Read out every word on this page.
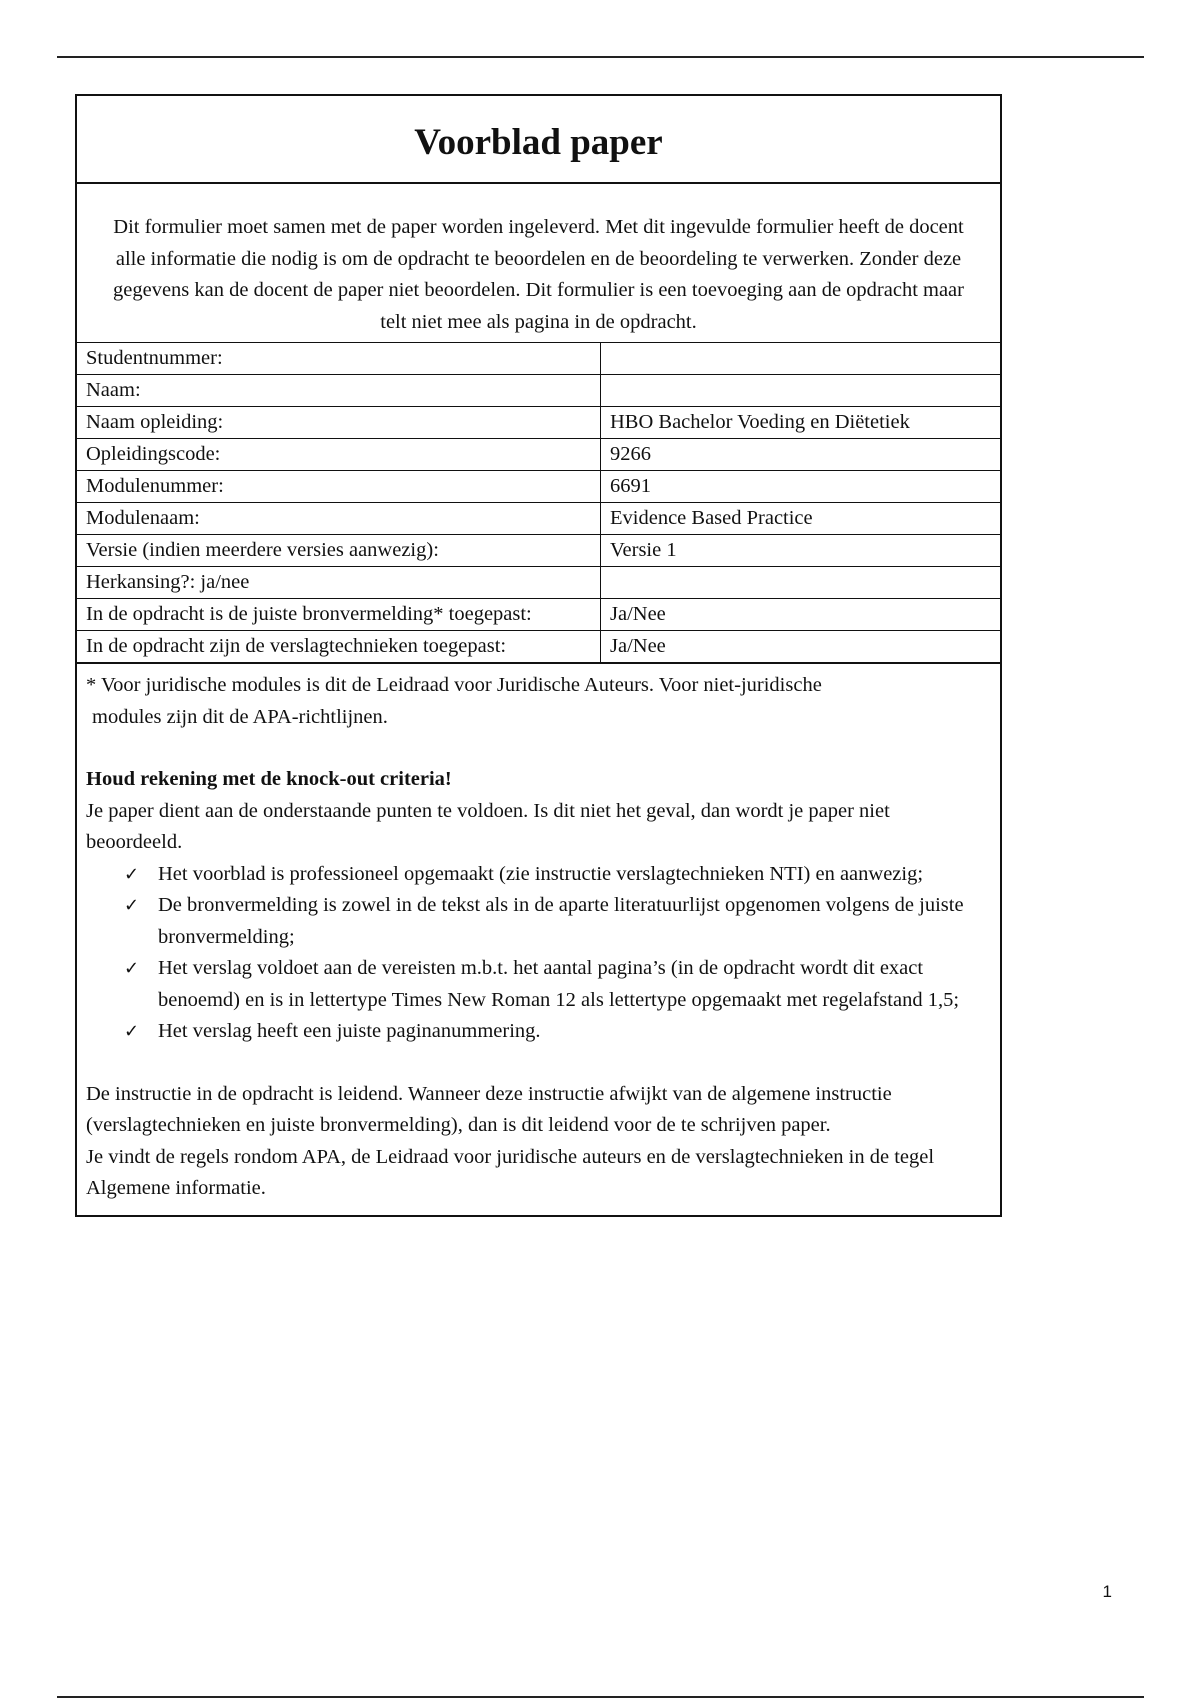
Voorblad paper
Dit formulier moet samen met de paper worden ingeleverd. Met dit ingevulde formulier heeft de docent alle informatie die nodig is om de opdracht te beoordelen en de beoordeling te verwerken. Zonder deze gegevens kan de docent de paper niet beoordelen. Dit formulier is een toevoeging aan de opdracht maar telt niet mee als pagina in de opdracht.
Studentnummer:	
Naam:	
Naam opleiding:	HBO Bachelor Voeding en Diëtetiek
Opleidingscode:	9266
Modulenummer:	6691
Modulenaam:	Evidence Based Practice
Versie (indien meerdere versies aanwezig):	Versie 1
Herkansing?: ja/nee	
In de opdracht is de juiste bronvermelding* toegepast:	Ja/Nee
In de opdracht zijn de verslagtechnieken toegepast:	Ja/Nee
* Voor juridische modules is dit de Leidraad voor Juridische Auteurs. Voor niet-juridische
modules zijn dit de APA-richtlijnen.
Houd rekening met de knock-out criteria!
Je paper dient aan de onderstaande punten te voldoen. Is dit niet het geval, dan wordt je paper niet beoordeeld.
✓ Het voorblad is professioneel opgemaakt (zie instructie verslagtechnieken NTI) en aanwezig;
✓ De bronvermelding is zowel in de tekst als in de aparte literatuurlijst opgenomen volgens de juiste bronvermelding;
✓ Het verslag voldoet aan de vereisten m.b.t. het aantal pagina’s (in de opdracht wordt dit exact benoemd) en is in lettertype Times New Roman 12 als lettertype opgemaakt met regelafstand 1,5;
✓ Het verslag heeft een juiste paginanummering.
De instructie in de opdracht is leidend. Wanneer deze instructie afwijkt van de algemene instructie (verslagtechnieken en juiste bronvermelding), dan is dit leidend voor de te schrijven paper.
Je vindt de regels rondom APA, de Leidraad voor juridische auteurs en de verslagtechnieken in de tegel Algemene informatie.
1
